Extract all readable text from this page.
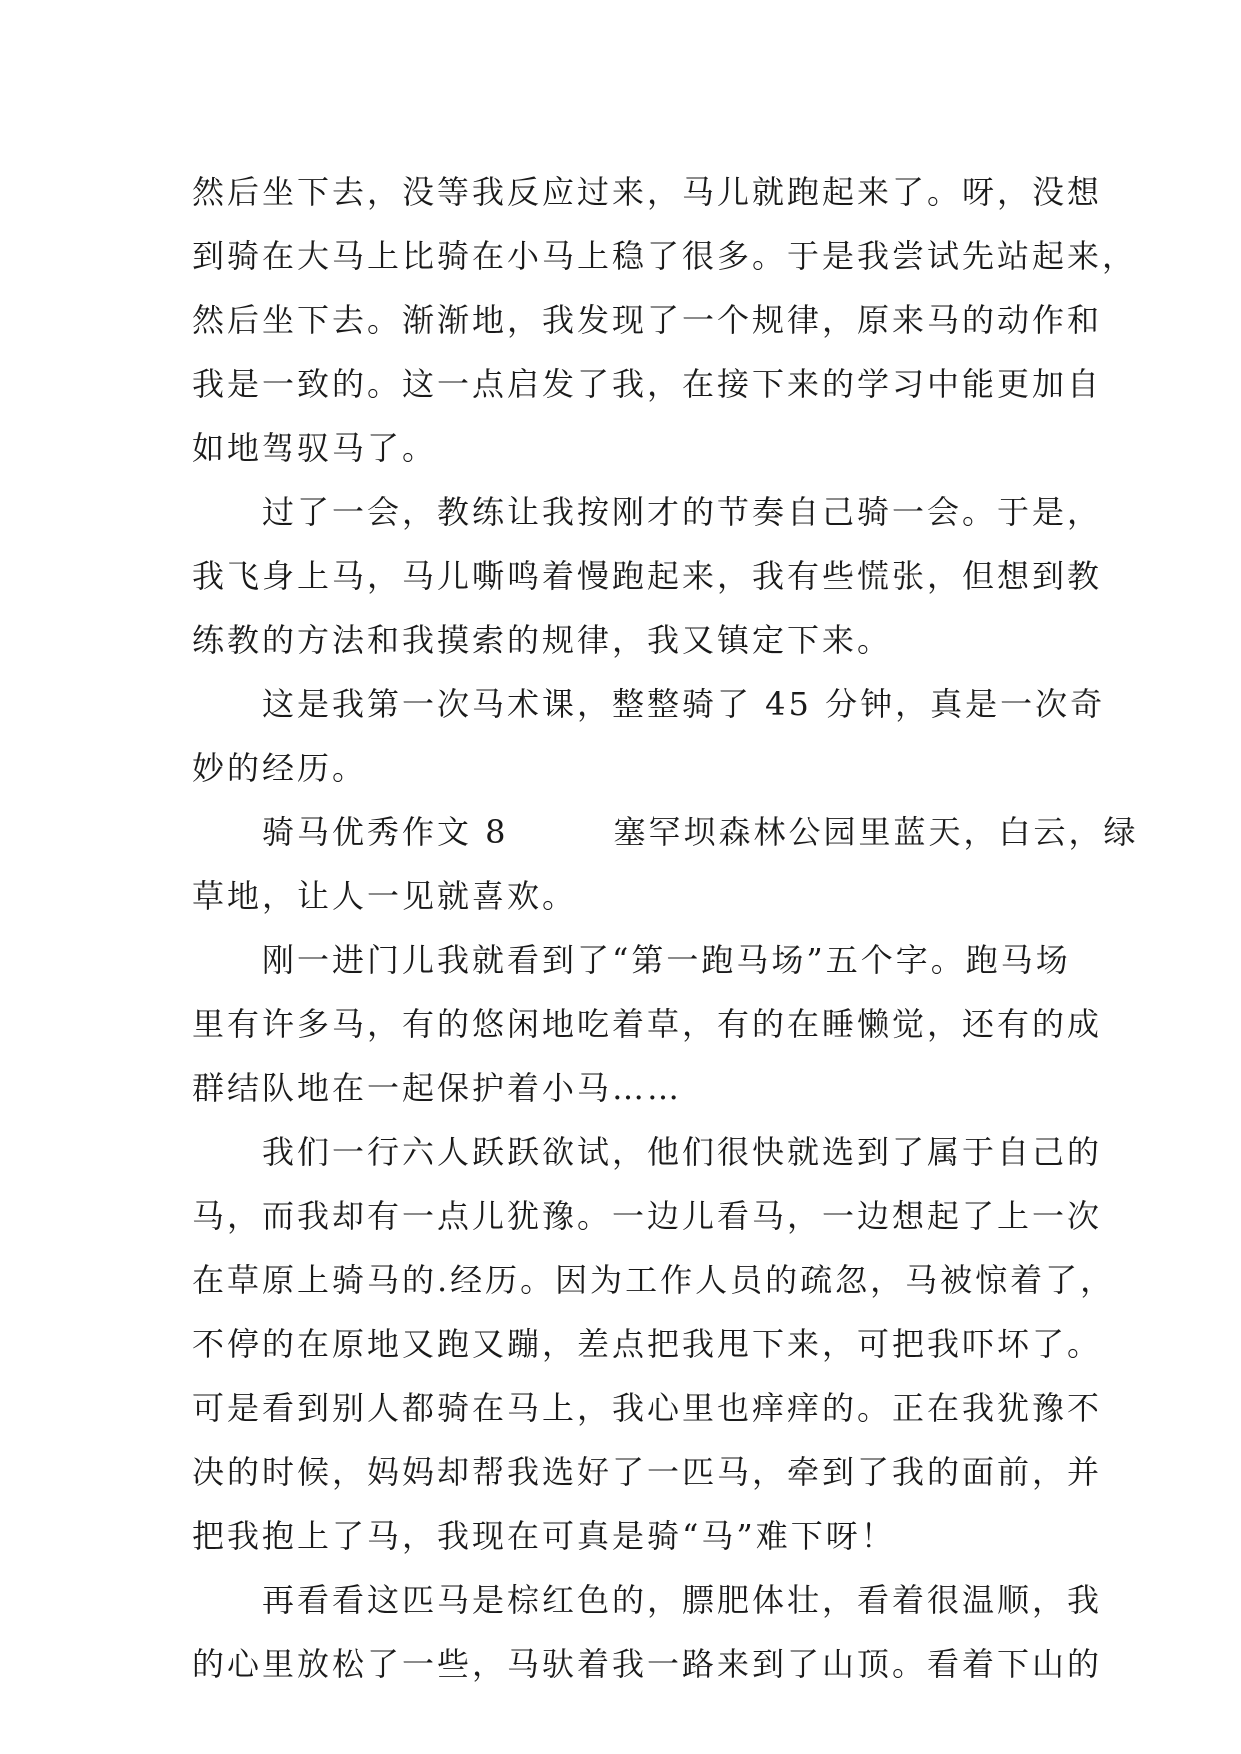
然后坐下去，没等我反应过来，马儿就跑起来了。呀，没想
到骑在大马上比骑在小马上稳了很多。于是我尝试先站起来，
然后坐下去。渐渐地，我发现了一个规律，原来马的动作和
我是一致的。这一点启发了我，在接下来的学习中能更加自
如地驾驭马了。
　　过了一会，教练让我按刚才的节奏自己骑一会。于是，
我飞身上马，马儿嘶鸣着慢跑起来，我有些慌张，但想到教
练教的方法和我摸索的规律，我又镇定下来。
　　这是我第一次马术课，整整骑了 45 分钟，真是一次奇
妙的经历。
　　骑马优秀作文 8　　　塞罕坝森林公园里蓝天，白云，绿
草地，让人一见就喜欢。
　　刚一进门儿我就看到了“第一跑马场”五个字。跑马场
里有许多马，有的悠闲地吃着草，有的在睡懒觉，还有的成
群结队地在一起保护着小马……
　　我们一行六人跃跃欲试，他们很快就选到了属于自己的
马，而我却有一点儿犹豫。一边儿看马，一边想起了上一次
在草原上骑马的.经历。因为工作人员的疏忽，马被惊着了，
不停的在原地又跑又蹦，差点把我甩下来，可把我吓坏了。
可是看到别人都骑在马上，我心里也痒痒的。正在我犹豫不
决的时候，妈妈却帮我选好了一匹马，牵到了我的面前，并
把我抱上了马，我现在可真是骑“马”难下呀！
　　再看看这匹马是棕红色的，膘肥体壮，看着很温顺，我
的心里放松了一些，马驮着我一路来到了山顶。看着下山的
